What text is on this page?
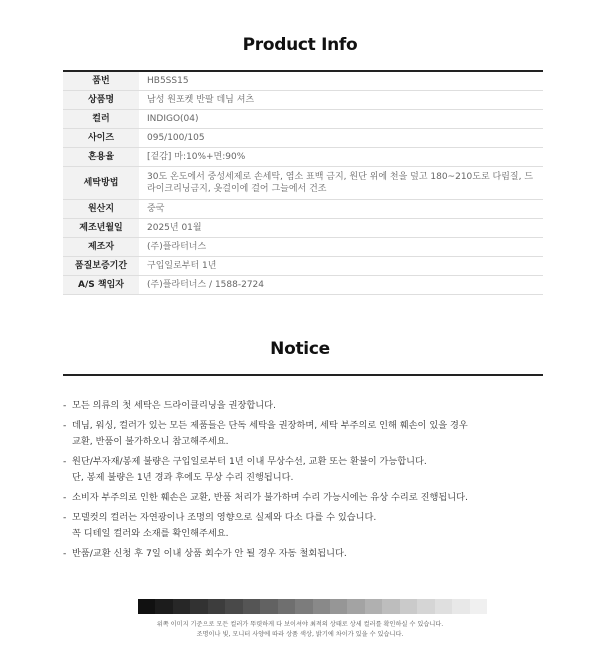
Product Info
품번	HB5SS15
상품명	남성 원포켓 반팔 데님 셔츠
컬러	INDIGO(04)
사이즈	095/100/105
혼용율	[겉감] 마:10%+면:90%
세탁방법	30도 온도에서 중성세제로 손세탁, 염소 표백 금지, 원단 위에 천을 덮고 180~210도로 다림질, 드라이크리닝금지, 옷걸이에 걸어 그늘에서 건조
원산지	중국
제조년월일	2025년 01월
제조자	(주)플라터너스
품질보증기간	구입일로부터 1년
A/S 책임자	(주)플라터너스 / 1588-2724
Notice
- 모든 의류의 첫 세탁은 드라이클리닝을 권장합니다.
- 데님, 워싱, 컬러가 있는 모든 제품들은 단독 세탁을 권장하며, 세탁 부주의로 인해 훼손이 있을 경우
교환, 반품이 불가하오니 참고해주세요.
- 원단/부자재/봉제 불량은 구입일로부터 1년 이내 무상수선, 교환 또는 환불이 가능합니다.
단, 봉제 불량은 1년 경과 후에도 무상 수리 진행됩니다.
- 소비자 부주의로 인한 훼손은 교환, 반품 처리가 불가하며 수리 가능시에는 유상 수리로 진행됩니다.
- 모델컷의 컬러는 자연광이나 조명의 영향으로 실제와 다소 다를 수 있습니다.
꼭 디테일 컬러와 소재를 확인해주세요.
- 반품/교환 신청 후 7일 이내 상품 회수가 안 될 경우 자동 철회됩니다.
위쪽 이미지 기준으로 모든 컬러가 뚜렷하게 다 보이셔야 최적의 상태로 상세 컬러를 확인하실 수 있습니다.
조명이나 빛, 모니터 사양에 따라 상품 색상, 밝기에 차이가 있을 수 있습니다.
